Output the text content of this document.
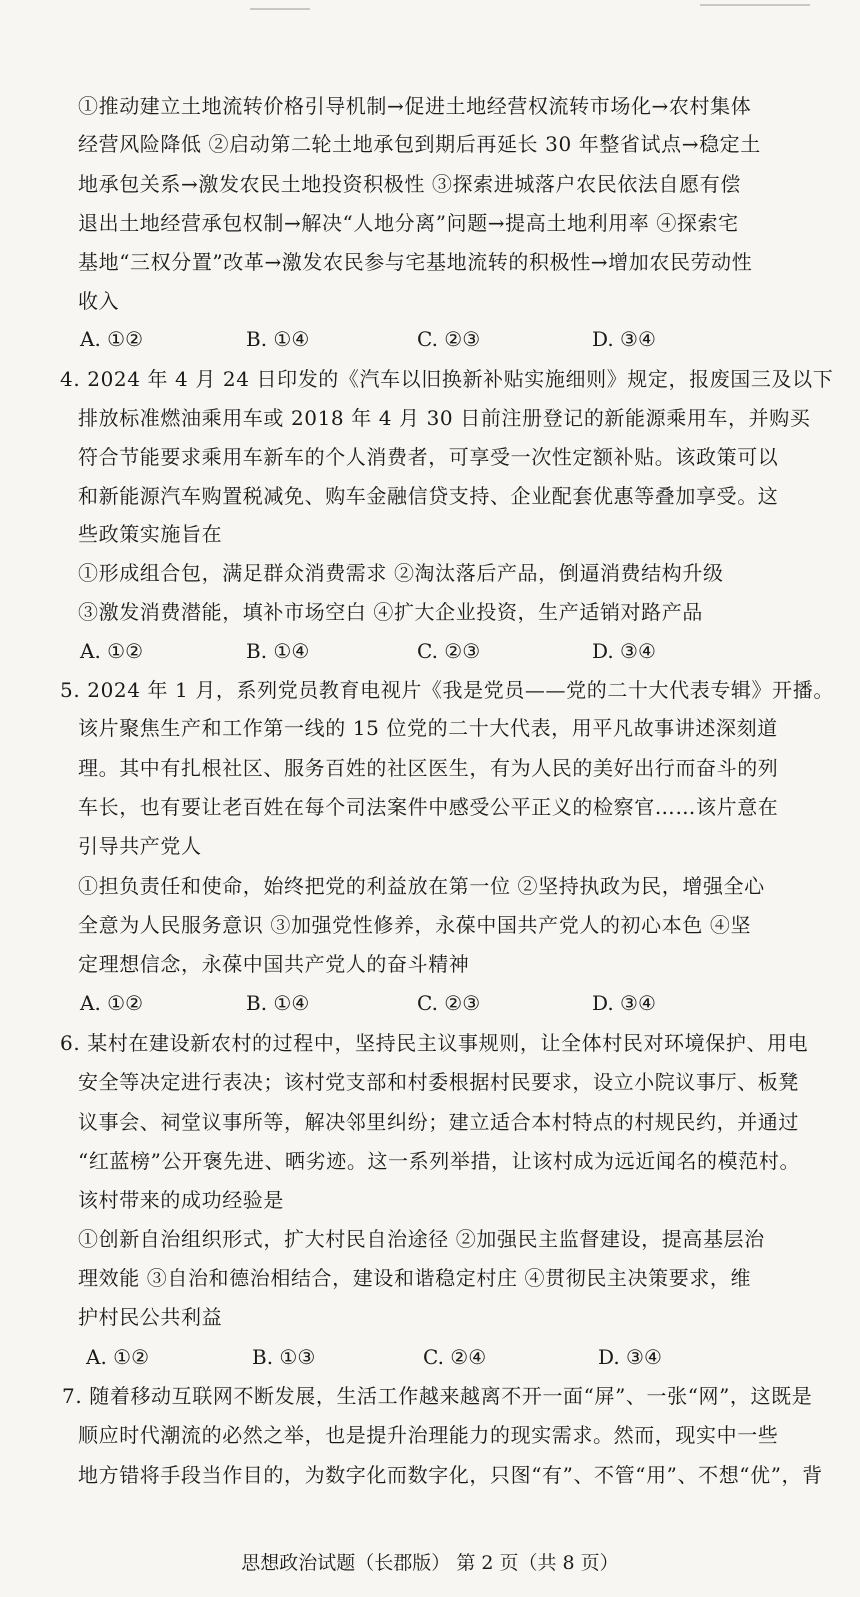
①推动建立土地流转价格引导机制→促进土地经营权流转市场化→农村集体
经营风险降低 ②启动第二轮土地承包到期后再延长 30 年整省试点→稳定土
地承包关系→激发农民土地投资积极性 ③探索进城落户农民依法自愿有偿
退出土地经营承包权制→解决“人地分离”问题→提高土地利用率 ④探索宅
基地“三权分置”改革→激发农民参与宅基地流转的积极性→增加农民劳动性
收入
A. ①②	B. ①④	C. ②③	D. ③④
4. 2024 年 4 月 24 日印发的《汽车以旧换新补贴实施细则》规定，报废国三及以下
排放标准燃油乘用车或 2018 年 4 月 30 日前注册登记的新能源乘用车，并购买
符合节能要求乘用车新车的个人消费者，可享受一次性定额补贴。该政策可以
和新能源汽车购置税减免、购车金融信贷支持、企业配套优惠等叠加享受。这
些政策实施旨在
①形成组合包，满足群众消费需求 ②淘汰落后产品，倒逼消费结构升级
③激发消费潜能，填补市场空白 ④扩大企业投资，生产适销对路产品
A. ①②	B. ①④	C. ②③	D. ③④
5. 2024 年 1 月，系列党员教育电视片《我是党员——党的二十大代表专辑》开播。
该片聚焦生产和工作第一线的 15 位党的二十大代表，用平凡故事讲述深刻道
理。其中有扎根社区、服务百姓的社区医生，有为人民的美好出行而奋斗的列
车长，也有要让老百姓在每个司法案件中感受公平正义的检察官……该片意在
引导共产党人
①担负责任和使命，始终把党的利益放在第一位 ②坚持执政为民，增强全心
全意为人民服务意识 ③加强党性修养，永葆中国共产党人的初心本色 ④坚
定理想信念，永葆中国共产党人的奋斗精神
A. ①②	B. ①④	C. ②③	D. ③④
6. 某村在建设新农村的过程中，坚持民主议事规则，让全体村民对环境保护、用电
安全等决定进行表决；该村党支部和村委根据村民要求，设立小院议事厅、板凳
议事会、祠堂议事所等，解决邻里纠纷；建立适合本村特点的村规民约，并通过
“红蓝榜”公开褒先进、晒劣迹。这一系列举措，让该村成为远近闻名的模范村。
该村带来的成功经验是
①创新自治组织形式，扩大村民自治途径 ②加强民主监督建设，提高基层治
理效能 ③自治和德治相结合，建设和谐稳定村庄 ④贯彻民主决策要求，维
护村民公共利益
A. ①②	B. ①③	C. ②④	D. ③④
7. 随着移动互联网不断发展，生活工作越来越离不开一面“屏”、一张“网”，这既是
顺应时代潮流的必然之举，也是提升治理能力的现实需求。然而，现实中一些
地方错将手段当作目的，为数字化而数字化，只图“有”、不管“用”、不想“优”，背
思想政治试题（长郡版） 第 2 页（共 8 页）
